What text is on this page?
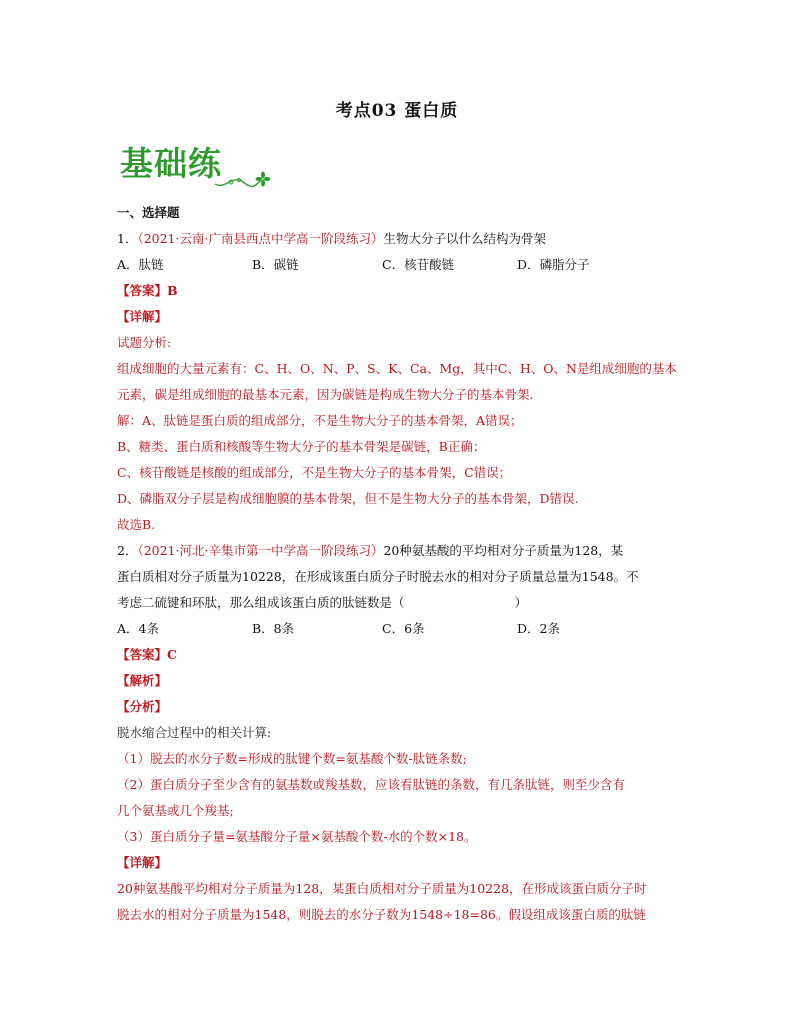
考点03 蛋白质
基础练
一、选择题
1．（2021·云南·广南县西点中学高一阶段练习）生物大分子以什么结构为骨架
A．肽链	B．碳链	C．核苷酸链	D．磷脂分子
【答案】B
【详解】
试题分析:
组成细胞的大量元素有：C、H、O、N、P、S、K、Ca、Mg，其中C、H、O、N是组成细胞的基本
元素，碳是组成细胞的最基本元素，因为碳链是构成生物大分子的基本骨架.
解：A、肽链是蛋白质的组成部分，不是生物大分子的基本骨架，A错误；
B、糖类、蛋白质和核酸等生物大分子的基本骨架是碳链，B正确；
C、核苷酸链是核酸的组成部分，不是生物大分子的基本骨架，C错误；
D、磷脂双分子层是构成细胞膜的基本骨架，但不是生物大分子的基本骨架，D错误.
故选B.
2．（2021·河北·辛集市第一中学高一阶段练习）20种氨基酸的平均相对分子质量为128，某
蛋白质相对分子质量为10228，在形成该蛋白质分子时脱去水的相对分子质量总量为1548。不
考虑二硫键和环肽，那么组成该蛋白质的肽链数是（	）
A．4条	B．8条	C．6条	D．2条
【答案】C
【解析】
【分析】
脱水缩合过程中的相关计算:
（1）脱去的水分子数=形成的肽键个数=氨基酸个数-肽链条数;
（2）蛋白质分子至少含有的氨基数或羧基数，应该看肽链的条数，有几条肽链，则至少含有
几个氨基或几个羧基;
（3）蛋白质分子量=氨基酸分子量×氨基酸个数-水的个数×18。
【详解】
20种氨基酸平均相对分子质量为128，某蛋白质相对分子质量为10228，在形成该蛋白质分子时
脱去水的相对分子质量为1548，则脱去的水分子数为1548÷18=86。假设组成该蛋白质的肽链
